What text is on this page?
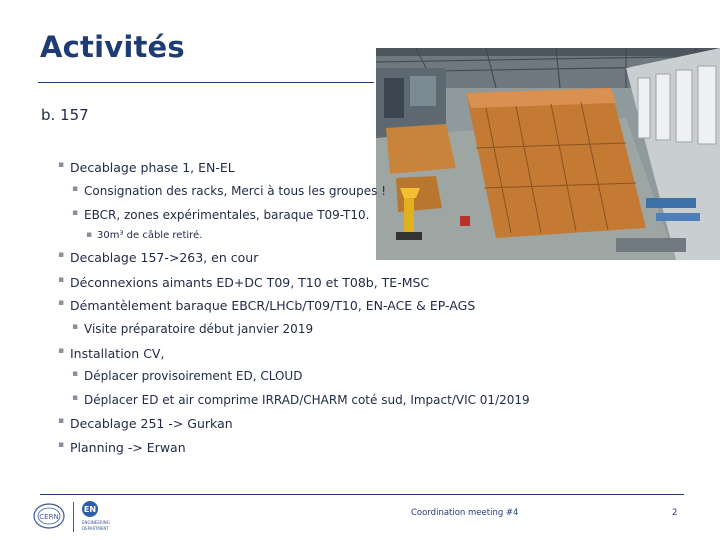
Activités
b. 157
▪ Decablage phase 1, EN-EL
▪ Consignation des racks, Merci à tous les groupes !
▪ EBCR, zones expérimentales, baraque T09-T10.
▪ 30m³ de câble retiré.
▪ Decablage 157->263, en cour
▪ Déconnexions aimants ED+DC T09, T10 et T08b, TE-MSC
▪ Démantèlement baraque EBCR/LHCb/T09/T10, EN-ACE & EP-AGS
▪ Visite préparatoire début janvier 2019
▪ Installation CV,
▪ Déplacer provisoirement ED, CLOUD
▪ Déplacer ED et air comprime IRRAD/CHARM coté sud, Impact/VIC 01/2019
▪ Decablage 251 -> Gurkan
▪ Planning -> Erwan
CERN
EN
ENGINEERING
DEPARTMENT
Coordination meeting #4	2
